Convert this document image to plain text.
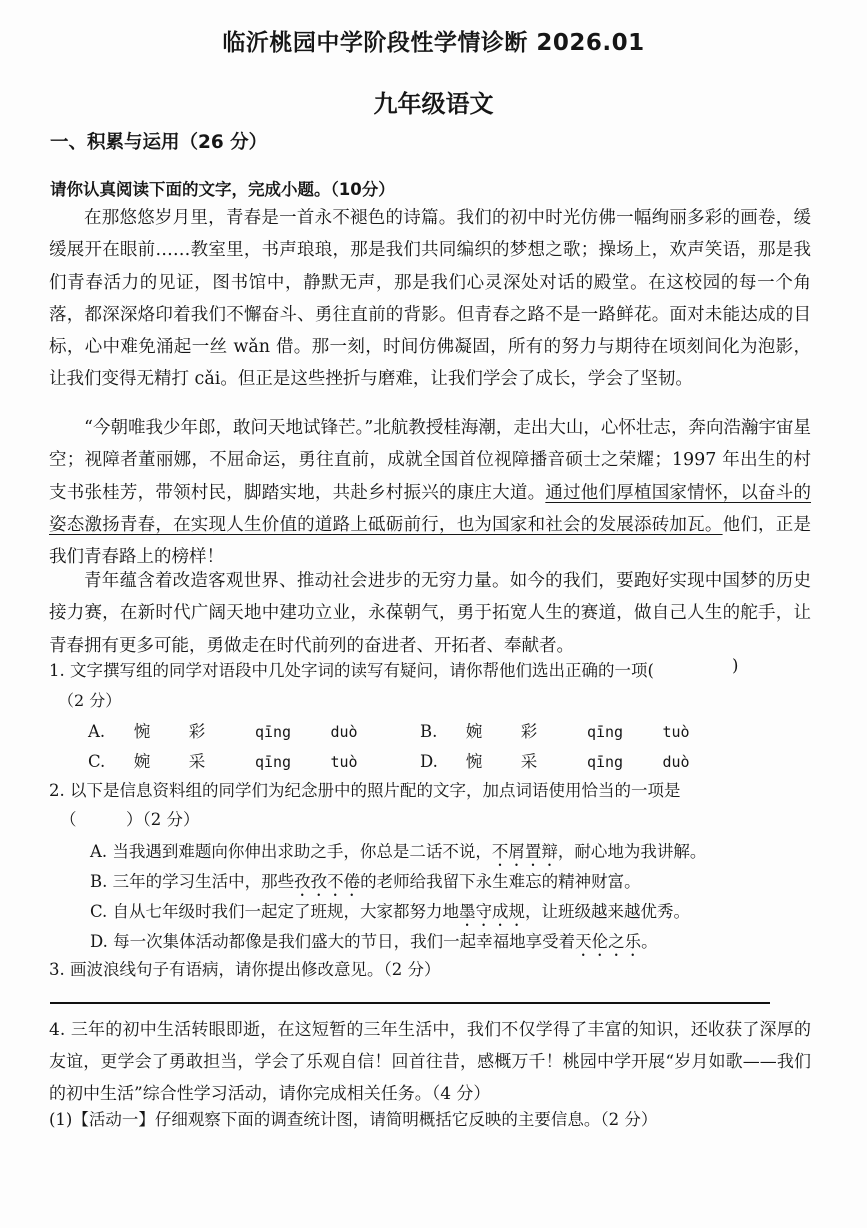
临沂桃园中学阶段性学情诊断 2026.01
九年级语文
一、积累与运用（26 分）
请你认真阅读下面的文字，完成小题。（10分）
在那悠悠岁月里，青春是一首永不褪色的诗篇。我们的初中时光仿佛一幅绚丽多彩的画卷，缓缓展开在眼前……教室里，书声琅琅，那是我们共同编织的梦想之歌；操场上，欢声笑语，那是我们青春活力的见证，图书馆中，静默无声，那是我们心灵深处对话的殿堂。在这校园的每一个角落，都深深烙印着我们不懈奋斗、勇往直前的背影。但青春之路不是一路鲜花。面对未能达成的目标，心中难免涌起一丝 wǎn 借。那一刻，时间仿佛凝固，所有的努力与期待在顷刻间化为泡影，让我们变得无精打 cǎi。但正是这些挫折与磨难，让我们学会了成长，学会了坚韧。
“今朝唯我少年郎，敢问天地试锋芒。”北航教授桂海潮，走出大山，心怀壮志，奔向浩瀚宇宙星空；视障者董丽娜，不屈命运，勇往直前，成就全国首位视障播音硕士之荣耀；1997 年出生的村支书张桂芳，带领村民，脚踏实地，共赴乡村振兴的康庄大道。通过他们厚植国家情怀，以奋斗的姿态激扬青春，在实现人生价值的道路上砥砺前行，也为国家和社会的发展添砖加瓦。他们，正是我们青春路上的榜样！
青年蕴含着改造客观世界、推动社会进步的无穷力量。如今的我们，要跑好实现中国梦的历史接力赛，在新时代广阔天地中建功立业，永葆朝气，勇于拓宽人生的赛道，做自己人生的舵手，让青春拥有更多可能，勇做走在时代前列的奋进者、开拓者、奉献者。
1. 文字撰写组的同学对语段中几处字词的读写有疑问，请你帮他们选出正确的一项(	)
（2 分）
A. 惋 彩	qīng	duò	B. 婉 彩	qīng	tuò
C. 婉 采	qīng	tuò	D. 惋 采	qīng	duò
2. 以下是信息资料组的同学们为纪念册中的照片配的文字，加点词语使用恰当的一项是
（　　　）（2 分）
A. 当我遇到难题向你伸出求助之手，你总是二话不说，不屑置辩，耐心地为我讲解。
B. 三年的学习生活中，那些孜孜不倦的老师给我留下永生难忘的精神财富。
C. 自从七年级时我们一起定了班规，大家都努力地墨守成规，让班级越来越优秀。
D. 每一次集体活动都像是我们盛大的节日，我们一起幸福地享受着天伦之乐。
3. 画波浪线句子有语病，请你提出修改意见。（2 分）
4. 三年的初中生活转眼即逝，在这短暂的三年生活中，我们不仅学得了丰富的知识，还收获了深厚的友谊，更学会了勇敢担当，学会了乐观自信！回首往昔，感概万千！桃园中学开展“岁月如歌——我们的初中生活”综合性学习活动，请你完成相关任务。（4 分）
(1)【活动一】仔细观察下面的调查统计图，请简明概括它反映的主要信息。（2 分）
